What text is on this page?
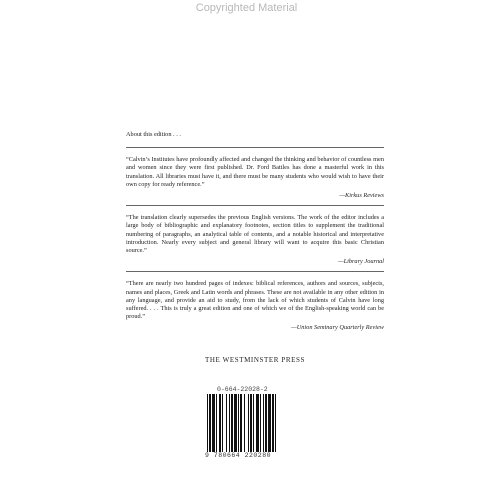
Copyrighted Material

About this edition . . .

“Calvin’s Institutes have profoundly affected and changed the thinking and behavior of countless men and women since they were first published. Dr. Ford Battles has done a masterful work in this translation. All libraries must have it, and there must be many students who would wish to have their own copy for ready reference.”

—Kirkus Reviews

“The translation clearly supersedes the previous English versions. The work of the editor includes a large body of bibliographic and explanatory footnotes, section titles to supplement the traditional numbering of paragraphs, an analytical table of contents, and a notable historical and interpretative introduction. Nearly every subject and general library will want to acquire this basic Christian source.”

—Library Journal

“There are nearly two hundred pages of indexes: biblical references, authors and sources, subjects, names and places, Greek and Latin words and phrases. These are not available in any other edition in any language, and provide an aid to study, from the lack of which students of Calvin have long suffered. . . . This is truly a great edition and one of which we of the English-speaking world can be proud.”

—Union Seminary Quarterly Review

THE WESTMINSTER PRESS
0-664-22028-2
9 780664 220280
